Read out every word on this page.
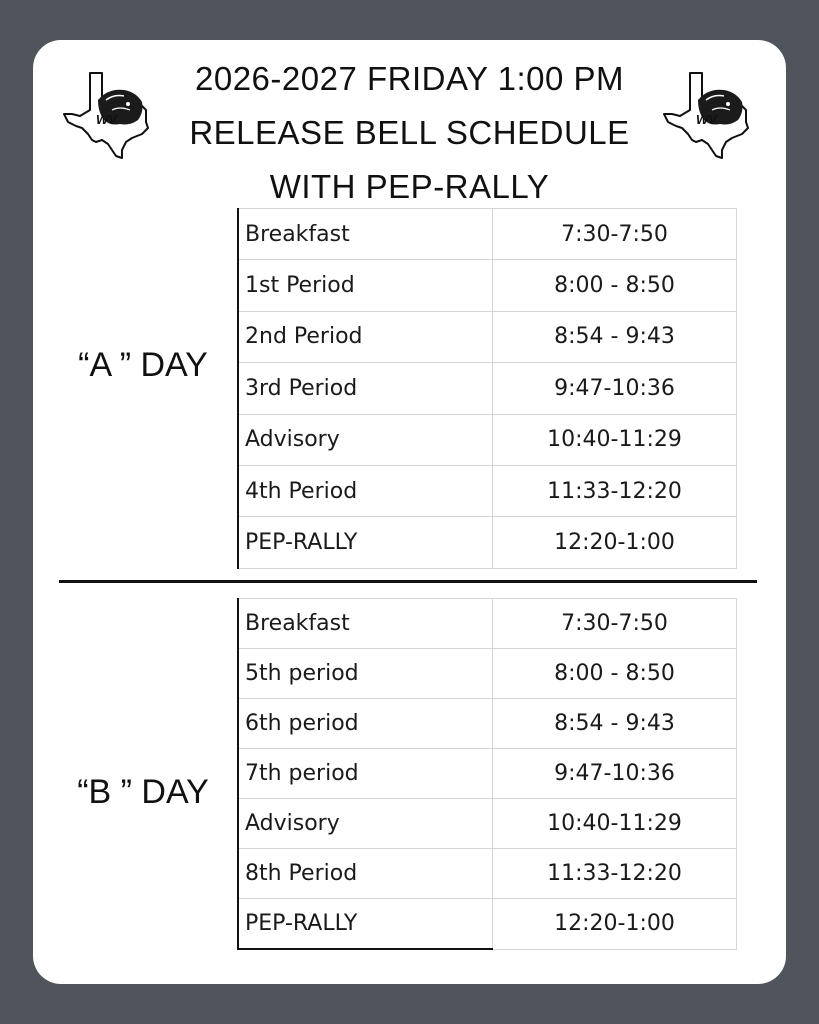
2026-2027 FRIDAY 1:00 PM
RELEASE BELL SCHEDULE
WITH PEP-RALLY
WV	WV
“A ” DAY
Breakfast	7:30-7:50
1st Period	8:00 - 8:50
2nd Period	8:54 - 9:43
3rd Period	9:47-10:36
Advisory	10:40-11:29
4th Period	11:33-12:20
PEP-RALLY	12:20-1:00
“B ” DAY
Breakfast	7:30-7:50
5th period	8:00 - 8:50
6th period	8:54 - 9:43
7th period	9:47-10:36
Advisory	10:40-11:29
8th Period	11:33-12:20
PEP-RALLY	12:20-1:00
